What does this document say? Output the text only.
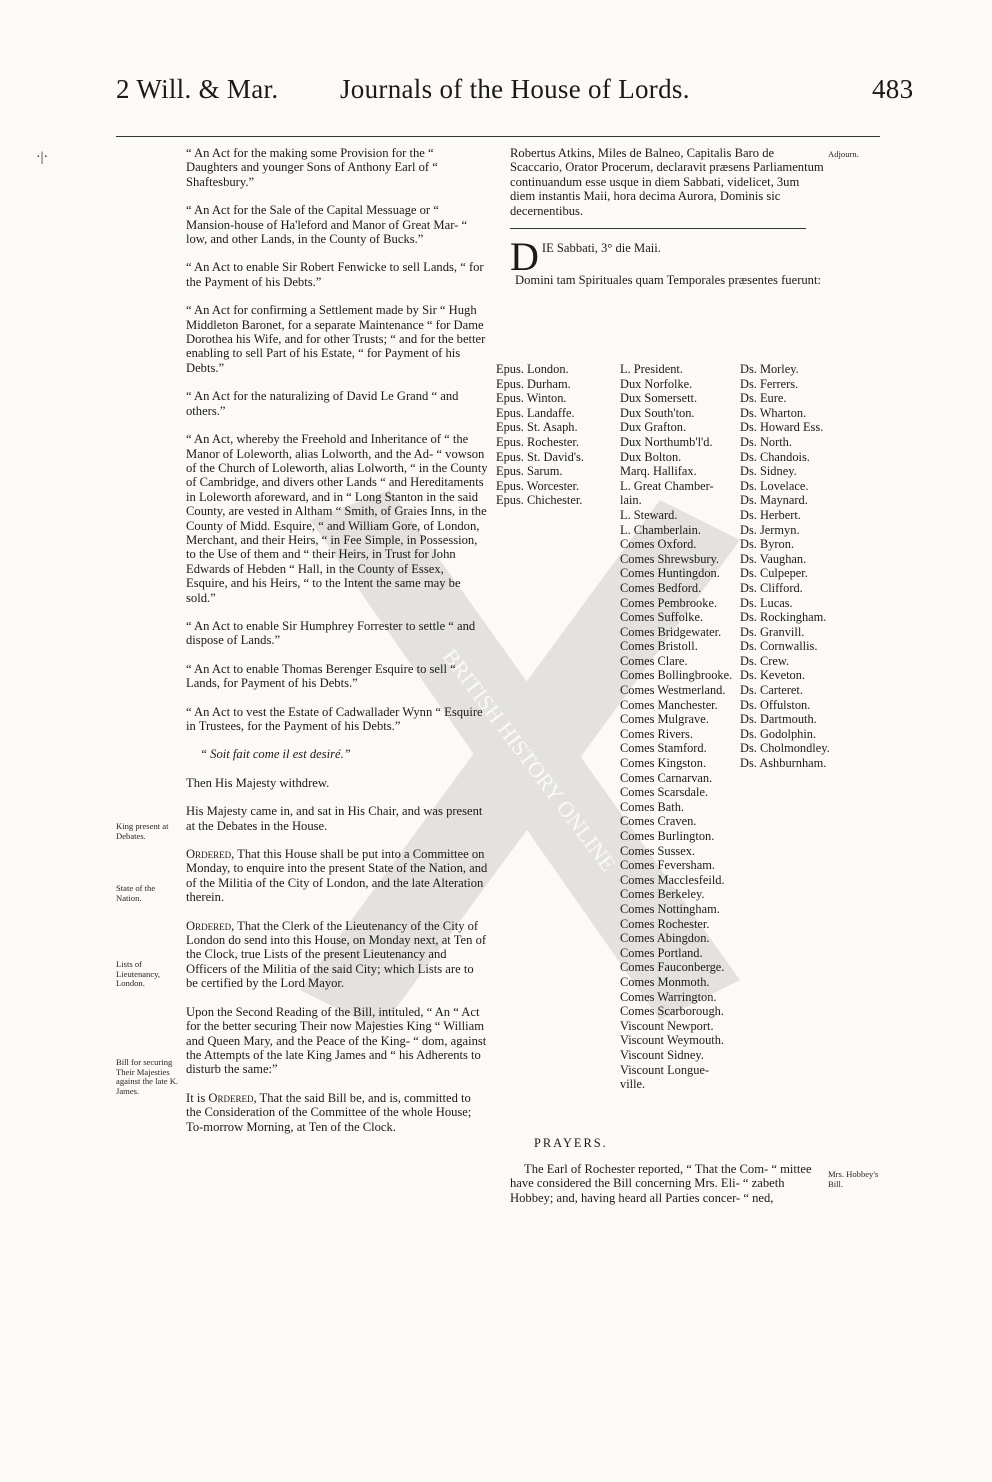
·|·
2 Will. & Mar. Journals of the House of Lords.	483
BRITISH HISTORY ONLINE

“ An Act for the making some Provision for the “ Daughters and younger Sons of Anthony Earl of “ Shaftesbury.”

“ An Act for the Sale of the Capital Messuage or “ Mansion-house of Ha'leford and Manor of Great Mar- “ low, and other Lands, in the County of Bucks.”

“ An Act to enable Sir Robert Fenwicke to sell Lands, “ for the Payment of his Debts.”

“ An Act for confirming a Settlement made by Sir “ Hugh Middleton Baronet, for a separate Maintenance “ for Dame Dorothea his Wife, and for other Trusts; “ and for the better enabling to sell Part of his Estate, “ for Payment of his Debts.”

“ An Act for the naturalizing of David Le Grand “ and others.”

“ An Act, whereby the Freehold and Inheritance of “ the Manor of Loleworth, alias Lolworth, and the Ad- “ vowson of the Church of Loleworth, alias Lolworth, “ in the County of Cambridge, and divers other Lands “ and Hereditaments in Loleworth aforeward, and in “ Long Stanton in the said County, are vested in Altham “ Smith, of Graies Inns, in the County of Midd. Esquire, “ and William Gore, of London, Merchant, and their Heirs, “ in Fee Simple, in Possession, to the Use of them and “ their Heirs, in Trust for John Edwards of Hebden “ Hall, in the County of Essex, Esquire, and his Heirs, “ to the Intent the same may be sold.”

“ An Act to enable Sir Humphrey Forrester to settle “ and dispose of Lands.”

“ An Act to enable Thomas Berenger Esquire to sell “ Lands, for Payment of his Debts.”

“ An Act to vest the Estate of Cadwallader Wynn “ Esquire in Trustees, for the Payment of his Debts.”

“ Soit fait come il est desiré.”

Then His Majesty withdrew.

His Majesty came in, and sat in His Chair, and was present at the Debates in the House.

Ordered, That this House shall be put into a Committee on Monday, to enquire into the present State of the Nation, and of the Militia of the City of London, and the late Alteration therein.

Ordered, That the Clerk of the Lieutenancy of the City of London do send into this House, on Monday next, at Ten of the Clock, true Lists of the present Lieutenancy and Officers of the Militia of the said City; which Lists are to be certified by the Lord Mayor.

Upon the Second Reading of the Bill, intituled, “ An “ Act for the better securing Their now Majesties King “ William and Queen Mary, and the Peace of the King- “ dom, against the Attempts of the late King James and “ his Adherents to disturb the same:”

It is Ordered, That the said Bill be, and is, committed to the Consideration of the Committee of the whole House; To-morrow Morning, at Ten of the Clock.

King present at Debates.
State of the Nation.
Lists of Lieutenancy, London.
Bill for securing Their Majesties against the late K. James.
Adjourn.
Mrs. Hobbey's Bill.

Robertus Atkins, Miles de Balneo, Capitalis Baro de Scaccario, Orator Procerum, declaravit præsens Parliamentum continuandum esse usque in diem Sabbati, videlicet, 3um diem instantis Maii, hora decima Aurora, Dominis sic decernentibus.

DIE Sabbati, 3° die Maii.

Domini tam Spirituales quam Temporales præsentes fuerunt:

Epus. London.
Epus. Durham.
Epus. Winton.
Epus. Landaffe.
Epus. St. Asaph.
Epus. Rochester.
Epus. St. David's.
Epus. Sarum.
Epus. Worcester.
Epus. Chichester.
L. President.
Dux Norfolke.
Dux Somersett.
Dux South'ton.
Dux Grafton.
Dux Northumb'l'd.
Dux Bolton.
Marq. Hallifax.
L. Great Chamber-
lain.
L. Steward.
L. Chamberlain.
Comes Oxford.
Comes Shrewsbury.
Comes Huntingdon.
Comes Bedford.
Comes Pembrooke.
Comes Suffolke.
Comes Bridgewater.
Comes Bristoll.
Comes Clare.
Comes Bollingbrooke.
Comes Westmerland.
Comes Manchester.
Comes Mulgrave.
Comes Rivers.
Comes Stamford.
Comes Kingston.
Comes Carnarvan.
Comes Scarsdale.
Comes Bath.
Comes Craven.
Comes Burlington.
Comes Sussex.
Comes Feversham.
Comes Macclesfeild.
Comes Berkeley.
Comes Nottingham.
Comes Rochester.
Comes Abingdon.
Comes Portland.
Comes Fauconberge.
Comes Monmoth.
Comes Warrington.
Comes Scarborough.
Viscount Newport.
Viscount Weymouth.
Viscount Sidney.
Viscount Longue-
ville.
Ds. Morley.
Ds. Ferrers.
Ds. Eure.
Ds. Wharton.
Ds. Howard Ess.
Ds. North.
Ds. Chandois.
Ds. Sidney.
Ds. Lovelace.
Ds. Maynard.
Ds. Herbert.
Ds. Jermyn.
Ds. Byron.
Ds. Vaughan.
Ds. Culpeper.
Ds. Clifford.
Ds. Lucas.
Ds. Rockingham.
Ds. Granvill.
Ds. Cornwallis.
Ds. Crew.
Ds. Keveton.
Ds. Carteret.
Ds. Offulston.
Ds. Dartmouth.
Ds. Godolphin.
Ds. Cholmondley.
Ds. Ashburnham.
PRAYERS.

The Earl of Rochester reported, “ That the Com- “ mittee have considered the Bill concerning Mrs. Eli- “ zabeth Hobbey; and, having heard all Parties concer- “ ned,
